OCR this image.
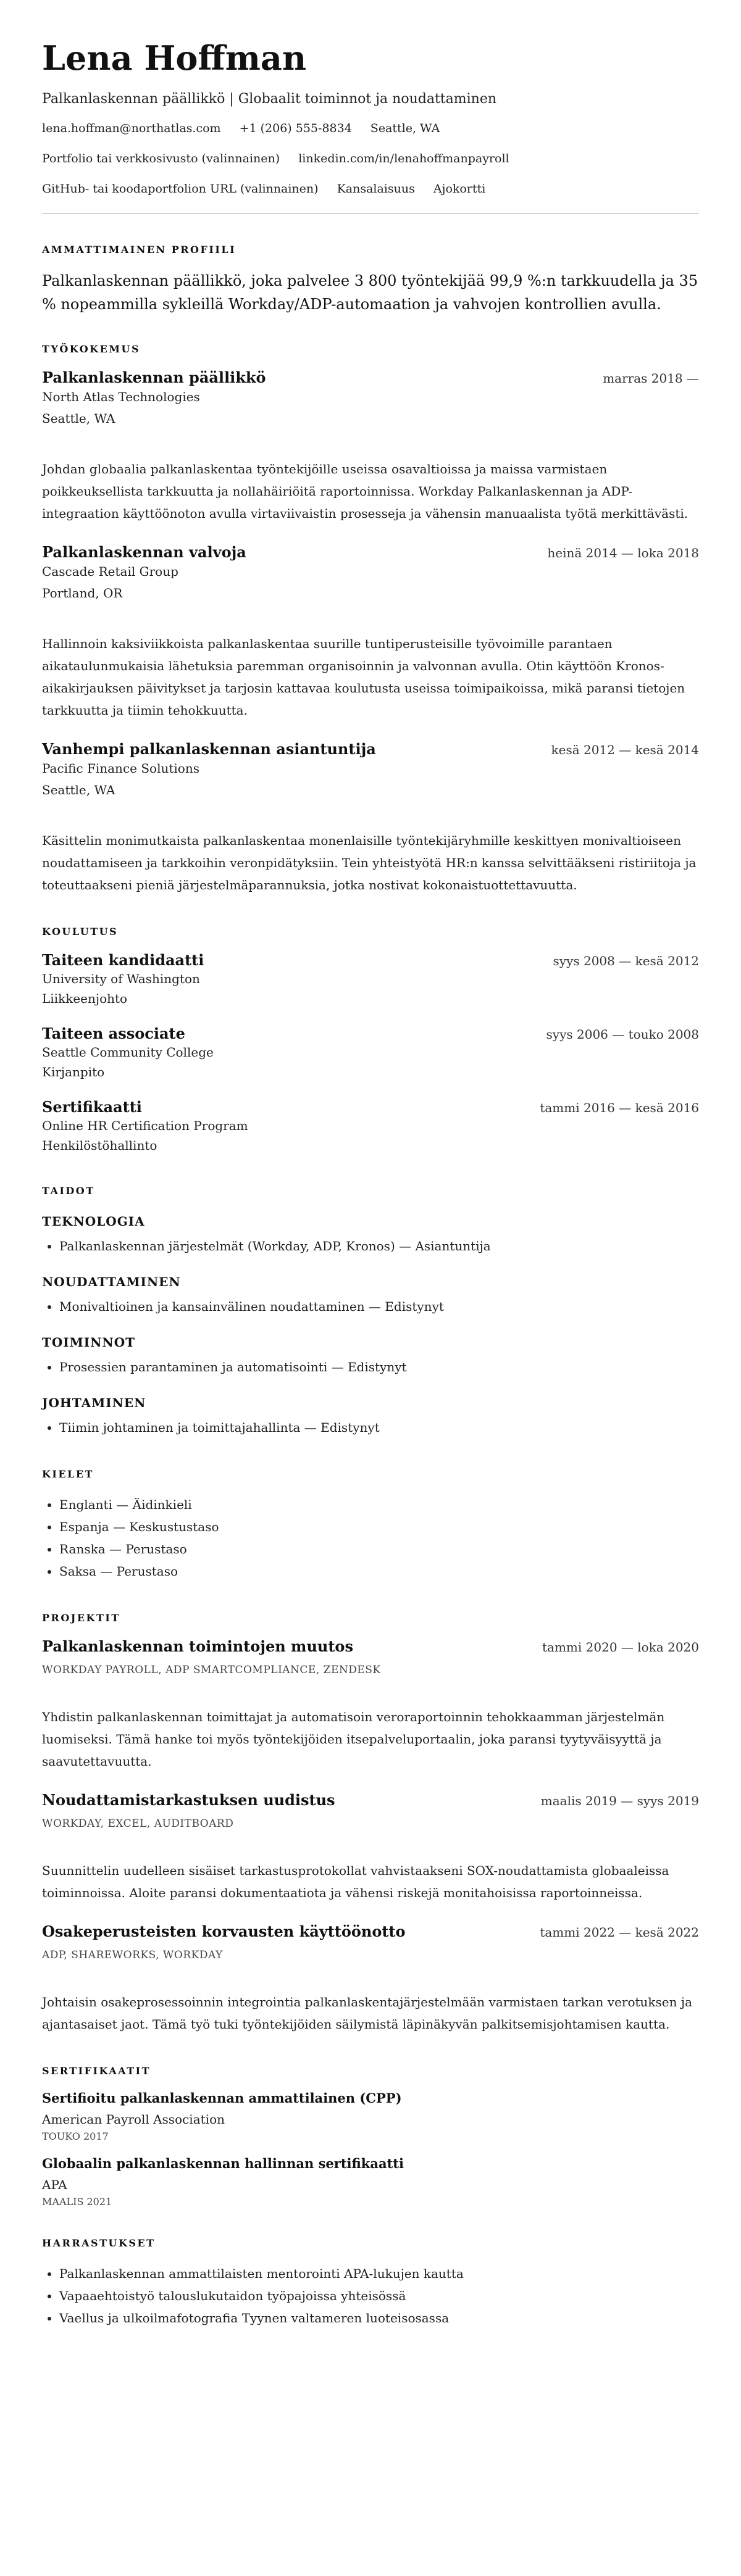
Lena Hoffman
Palkanlaskennan päällikkö | Globaalit toiminnot ja noudattaminen
lena.hoffman@northatlas.com +1 (206) 555-8834 Seattle, WA
Portfolio tai verkkosivusto (valinnainen) linkedin.com/in/lenahoffmanpayroll
GitHub- tai koodaportfolion URL (valinnainen) Kansalaisuus Ajokortti
AMMATTIMAINEN PROFIILI
Palkanlaskennan päällikkö, joka palvelee 3 800 työntekijää 99,9 %:n tarkkuudella ja 35 % nopeammilla sykleillä Workday/ADP-automaation ja vahvojen kontrollien avulla.
TYÖKOKEMUS
Palkanlaskennan päällikkö	marras 2018 —
North Atlas Technologies
Seattle, WA
Johdan globaalia palkanlaskentaa työntekijöille useissa osavaltioissa ja maissa varmistaen poikkeuksellista tarkkuutta ja nollahäiriöitä raportoinnissa. Workday Palkanlaskennan ja ADP-integraation käyttöönoton avulla virtaviivaistin prosesseja ja vähensin manuaalista työtä merkittävästi.
Palkanlaskennan valvoja	heinä 2014 — loka 2018
Cascade Retail Group
Portland, OR
Hallinnoin kaksiviikkoista palkanlaskentaa suurille tuntiperusteisille työvoimille parantaen aikataulunmukaisia lähetuksia paremman organisoinnin ja valvonnan avulla. Otin käyttöön Kronos-aikakirjauksen päivitykset ja tarjosin kattavaa koulutusta useissa toimipaikoissa, mikä paransi tietojen tarkkuutta ja tiimin tehokkuutta.
Vanhempi palkanlaskennan asiantuntija	kesä 2012 — kesä 2014
Pacific Finance Solutions
Seattle, WA
Käsittelin monimutkaista palkanlaskentaa monenlaisille työntekijäryhmille keskittyen monivaltioiseen noudattamiseen ja tarkkoihin veronpidätyksiin. Tein yhteistyötä HR:n kanssa selvittääkseni ristiriitoja ja toteuttaakseni pieniä järjestelmäparannuksia, jotka nostivat kokonaistuottettavuutta.
KOULUTUS
Taiteen kandidaatti	syys 2008 — kesä 2012
University of Washington
Liikkeenjohto
Taiteen associate	syys 2006 — touko 2008
Seattle Community College
Kirjanpito
Sertifikaatti	tammi 2016 — kesä 2016
Online HR Certification Program
Henkilöstöhallinto
TAIDOT
TEKNOLOGIA
• Palkanlaskennan järjestelmät (Workday, ADP, Kronos) — Asiantuntija
NOUDATTAMINEN
• Monivaltioinen ja kansainvälinen noudattaminen — Edistynyt
TOIMINNOT
• Prosessien parantaminen ja automatisointi — Edistynyt
JOHTAMINEN
• Tiimin johtaminen ja toimittajahallinta — Edistynyt
KIELET
• Englanti — Äidinkieli
• Espanja — Keskustustaso
• Ranska — Perustaso
• Saksa — Perustaso
PROJEKTIT
Palkanlaskennan toimintojen muutos	tammi 2020 — loka 2020
WORKDAY PAYROLL, ADP SMARTCOMPLIANCE, ZENDESK
Yhdistin palkanlaskennan toimittajat ja automatisoin veroraportoinnin tehokkaamman järjestelmän luomiseksi. Tämä hanke toi myös työntekijöiden itsepalveluportaalin, joka paransi tyytyväisyyttä ja saavutettavuutta.
Noudattamistarkastuksen uudistus	maalis 2019 — syys 2019
WORKDAY, EXCEL, AUDITBOARD
Suunnittelin uudelleen sisäiset tarkastusprotokollat vahvistaakseni SOX-noudattamista globaaleissa toiminnoissa. Aloite paransi dokumentaatiota ja vähensi riskejä monitahoisissa raportoinneissa.
Osakeperusteisten korvausten käyttöönotto	tammi 2022 — kesä 2022
ADP, SHAREWORKS, WORKDAY
Johtaisin osakeprosessoinnin integrointia palkanlaskentajärjestelmään varmistaen tarkan verotuksen ja ajantasaiset jaot. Tämä työ tuki työntekijöiden säilymistä läpinäkyvän palkitsemisjohtamisen kautta.
SERTIFIKAATIT
Sertifioitu palkanlaskennan ammattilainen (CPP)
American Payroll Association
TOUKO 2017
Globaalin palkanlaskennan hallinnan sertifikaatti
APA
MAALIS 2021
HARRASTUKSET
• Palkanlaskennan ammattilaisten mentorointi APA-lukujen kautta
• Vapaaehtoistyö talouslukutaidon työpajoissa yhteisössä
• Vaellus ja ulkoilmafotografia Tyynen valtameren luoteisosassa
